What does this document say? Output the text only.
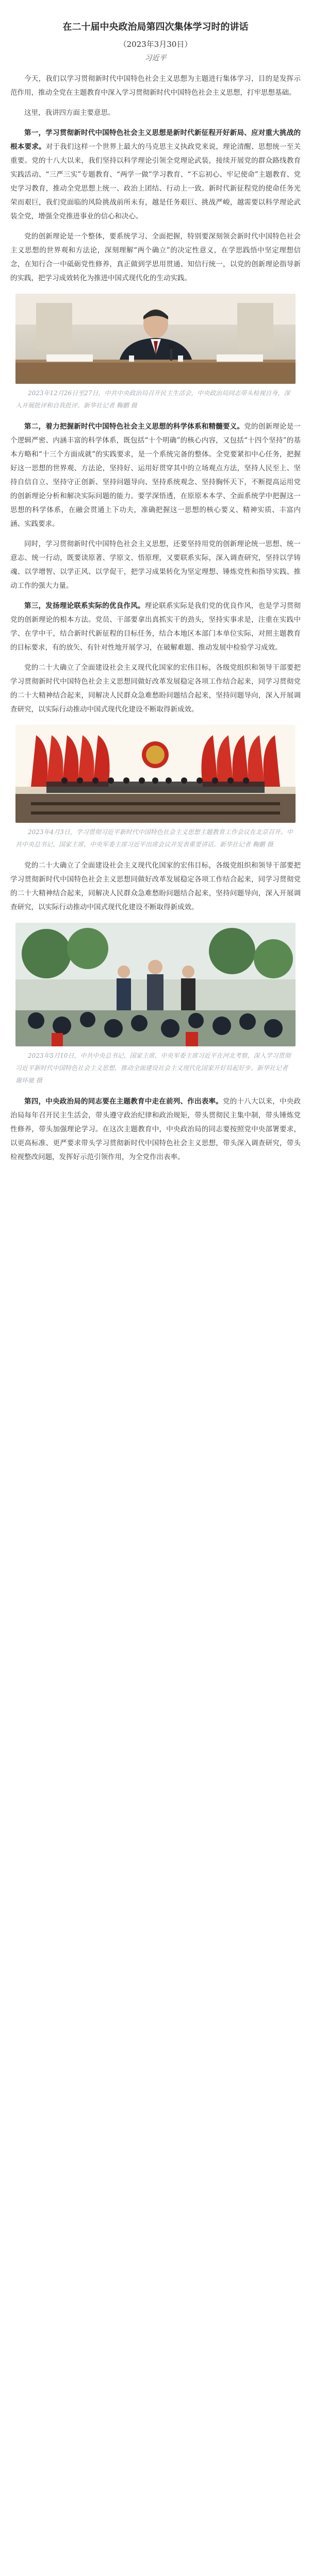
在二十届中央政治局第四次集体学习时的讲话
（2023年3月30日）
习近平

今天，我们以学习贯彻新时代中国特色社会主义思想为主题进行集体学习，目的是发挥示范作用，推动全党在主题教育中深入学习贯彻新时代中国特色社会主义思想，打牢思想基础。

这里，我讲四方面主要意思。

第一，学习贯彻新时代中国特色社会主义思想是新时代新征程开好新局、应对重大挑战的根本要求。对于我们这样一个世界上最大的马克思主义执政党来说，理论清醒、思想统一至关重要。党的十八大以来，我们坚持以科学理论引领全党理论武装，接续开展党的群众路线教育实践活动、“三严三实”专题教育、“两学一做”学习教育、“不忘初心、牢记使命”主题教育、党史学习教育，推动全党思想上统一、政治上团结、行动上一致。新时代新征程党的使命任务光荣而艰巨，我们党面临的风险挑战前所未有，越是任务艰巨、挑战严峻，越需要以科学理论武装全党，增强全党推进事业的信心和决心。

党的创新理论是一个整体，要系统学习、全面把握，特别要深刻领会新时代中国特色社会主义思想的世界观和方法论，深刻理解“两个确立”的决定性意义，在学思践悟中坚定理想信念，在知行合一中砥砺党性修养，真正做到学思用贯通、知信行统一，以党的创新理论指导新的实践，把学习成效转化为推进中国式现代化的生动实践。

2023年12月26日至27日，中共中央政治局召开民主生活会，中央政治局同志带头检视自身，深入开展批评和自我批评。新华社记者 鞠鹏 摄

第二，着力把握新时代中国特色社会主义思想的科学体系和精髓要义。党的创新理论是一个逻辑严密、内涵丰富的科学体系，既包括“十个明确”的核心内容，又包括“十四个坚持”的基本方略和“十三个方面成就”的实践要求，是一个系统完备的整体。全党要紧扣中心任务，把握好这一思想的世界观、方法论，坚持好、运用好贯穿其中的立场观点方法，坚持人民至上、坚持自信自立、坚持守正创新、坚持问题导向、坚持系统观念、坚持胸怀天下，不断提高运用党的创新理论分析和解决实际问题的能力。要学深悟透，在原原本本学、全面系统学中把握这一思想的科学体系，在融会贯通上下功夫，准确把握这一思想的核心要义、精神实质、丰富内涵、实践要求。

同时，学习贯彻新时代中国特色社会主义思想，还要坚持用党的创新理论统一思想、统一意志、统一行动，既要读原著、学原文、悟原理，又要联系实际，深入调查研究，坚持以学铸魂、以学增智、以学正风、以学促干，把学习成果转化为坚定理想、锤炼党性和指导实践、推动工作的强大力量。

第三，发扬理论联系实际的优良作风。理论联系实际是我们党的优良作风，也是学习贯彻党的创新理论的根本方法。党员、干部要拿出真抓实干的劲头，坚持实事求是，注重在实践中学、在学中干，结合新时代新征程的目标任务，结合本地区本部门本单位实际，对照主题教育的目标要求，有的放矢、有针对性地开展学习，在破解难题、推动发展中检验学习成效。

党的二十大确立了全面建设社会主义现代化国家的宏伟目标，各级党组织和领导干部要把学习贯彻新时代中国特色社会主义思想同做好改革发展稳定各项工作结合起来，同学习贯彻党的二十大精神结合起来，同解决人民群众急难愁盼问题结合起来，坚持问题导向，深入开展调查研究，以实际行动推动中国式现代化建设不断取得新成效。

2023年4月3日，学习贯彻习近平新时代中国特色社会主义思想主题教育工作会议在北京召开。中共中央总书记、国家主席、中央军委主席习近平出席会议并发表重要讲话。新华社记者 鞠鹏 摄

党的二十大确立了全面建设社会主义现代化国家的宏伟目标，各级党组织和领导干部要把学习贯彻新时代中国特色社会主义思想同做好改革发展稳定各项工作结合起来，同学习贯彻党的二十大精神结合起来，同解决人民群众急难愁盼问题结合起来，坚持问题导向，深入开展调查研究，以实际行动推动中国式现代化建设不断取得新成效。

2023年5月10日，中共中央总书记、国家主席、中央军委主席习近平在河北考察，深入学习贯彻习近平新时代中国特色社会主义思想，推动全面建设社会主义现代化国家开好局起好步。新华社记者 谢环驰 摄

第四，中央政治局的同志要在主题教育中走在前列、作出表率。党的十八大以来，中央政治局每年召开民主生活会，带头遵守政治纪律和政治规矩，带头贯彻民主集中制，带头锤炼党性修养，带头加强理论学习。在这次主题教育中，中央政治局的同志要按照党中央部署要求，以更高标准、更严要求带头学习贯彻新时代中国特色社会主义思想，带头深入调查研究，带头检视整改问题，发挥好示范引领作用，为全党作出表率。
